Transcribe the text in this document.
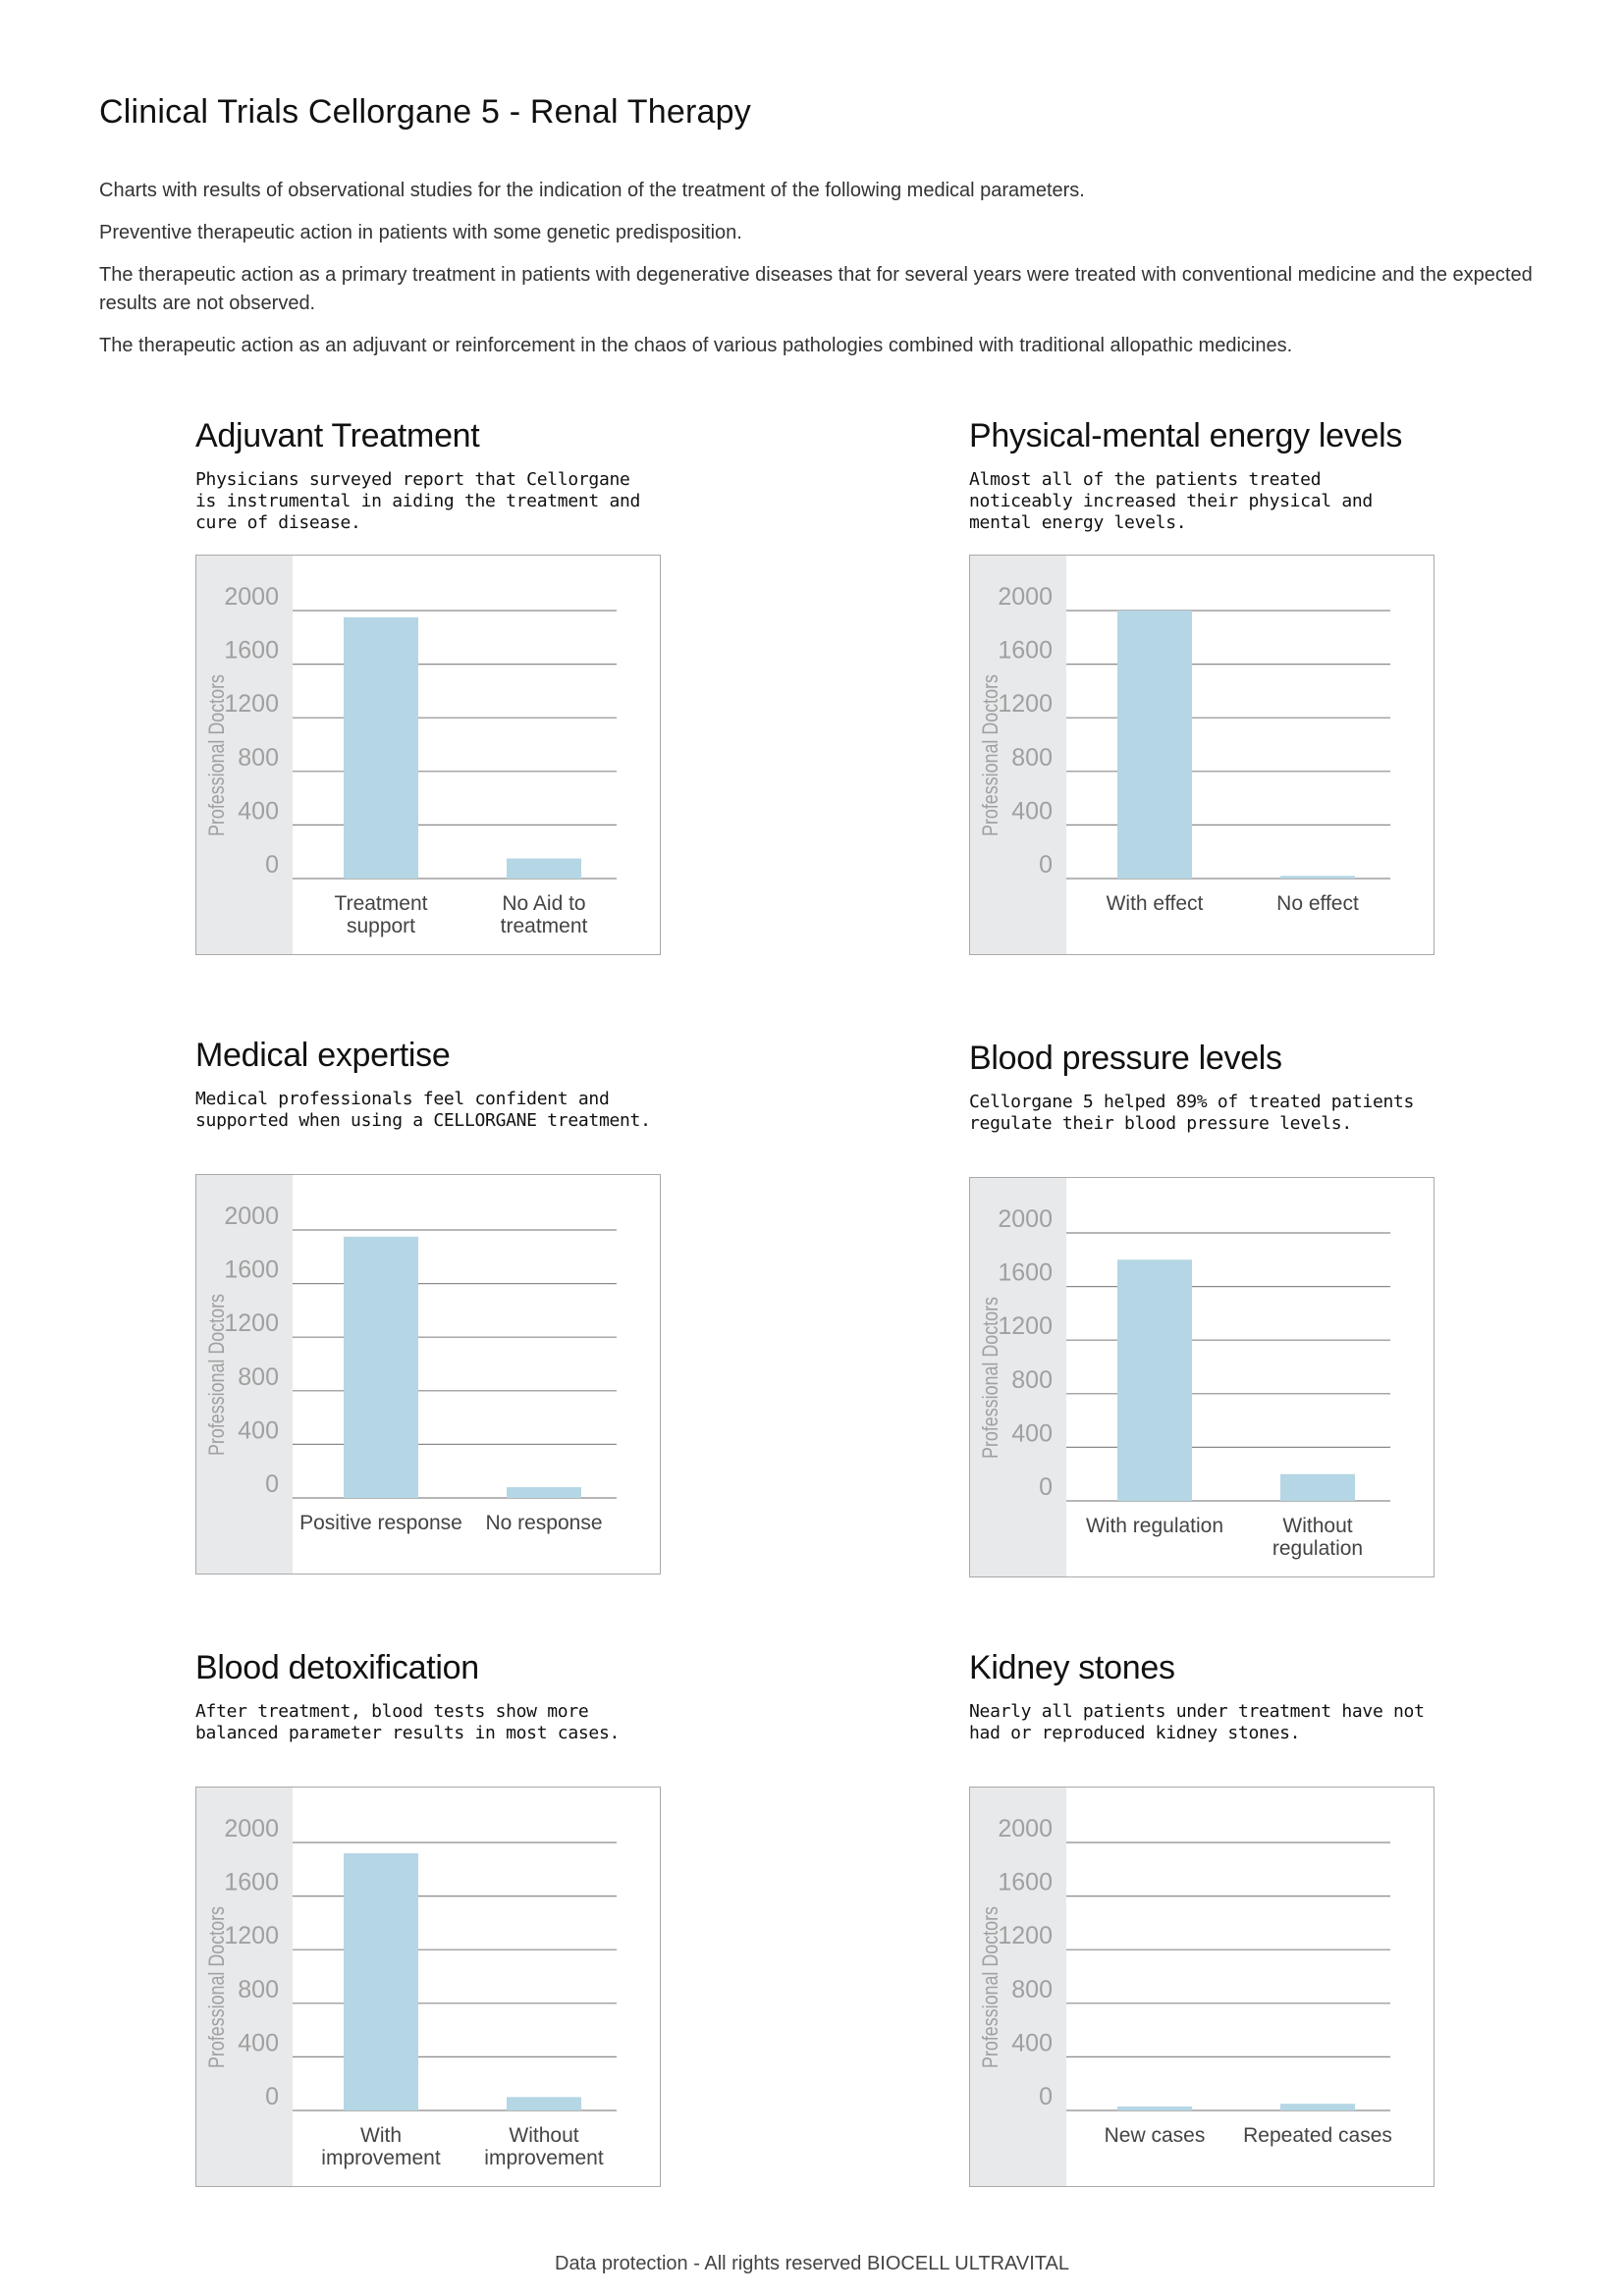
Clinical Trials Cellorgane 5 - Renal Therapy

Charts with results of observational studies for the indication of the treatment of the following medical parameters.

Preventive therapeutic action in patients with some genetic predisposition.

The therapeutic action as a primary treatment in patients with degenerative diseases that for several years were treated with conventional medicine and the expected results are not observed.

The therapeutic action as an adjuvant or reinforcement in the chaos of various pathologies combined with traditional allopathic medicines.

Adjuvant Treatment
Physicians surveyed report that Cellorgane is instrumental in aiding the treatment and cure of disease.
Professional Doctors
0
400
800
1200
1600
2000
Treatment
support
No Aid to
treatment
Physical-mental energy levels
Almost all of the patients treated noticeably increased their physical and mental energy levels.
Professional Doctors
0
400
800
1200
1600
2000
With effect	No effect
Medical expertise
Medical professionals feel confident and supported when using a CELLORGANE treatment.
Professional Doctors
0
400
800
1200
1600
2000
Positive response No response
Blood pressure levels
Cellorgane 5 helped 89% of treated patients regulate their blood pressure levels.
Professional Doctors
0
400
800
1200
1600
2000
With regulation	Without
regulation
Blood detoxification
After treatment, blood tests show more balanced parameter results in most cases.
Professional Doctors
0
400
800
1200
1600
2000
With
improvement
Without
improvement
Kidney stones
Nearly all patients under treatment have not had or reproduced kidney stones.
Professional Doctors
0
400
800
1200
1600
2000
New cases Repeated cases
Data protection - All rights reserved BIOCELL ULTRAVITAL
